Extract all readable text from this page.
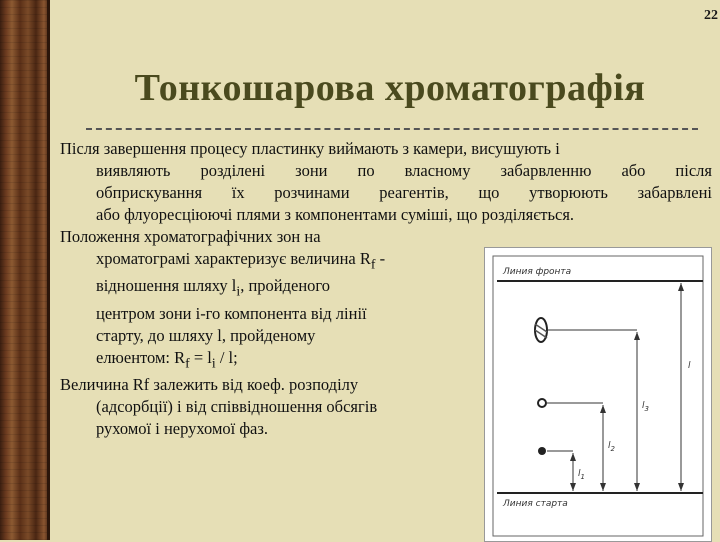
22
Тонкошарова хроматографія
Після завершення процесу пластинку виймають з камери, висушують і
виявляють розділені зони по власному забарвленню або після
обприскування їх розчинами реагентів, що утворюють забарвлені
або флуоресціюючі плями з компонентами суміші, що розділяється.
Положення хроматографічних зон на
хроматограмі характеризує величина $R_f$ -
відношення шляху $l_і$, пройденого
центром зони і-го компонента від лінії
старту, до шляху l, пройденому
елюентом: $R_f = l_i / l$;
Величина Rf залежить від коеф. розподілу
(адсорбції) і від співвідношення обсягів
рухомої і нерухомої фаз.
Линия фронта
Линия старта
l
$l_3$
$l_2$
$l_1$
